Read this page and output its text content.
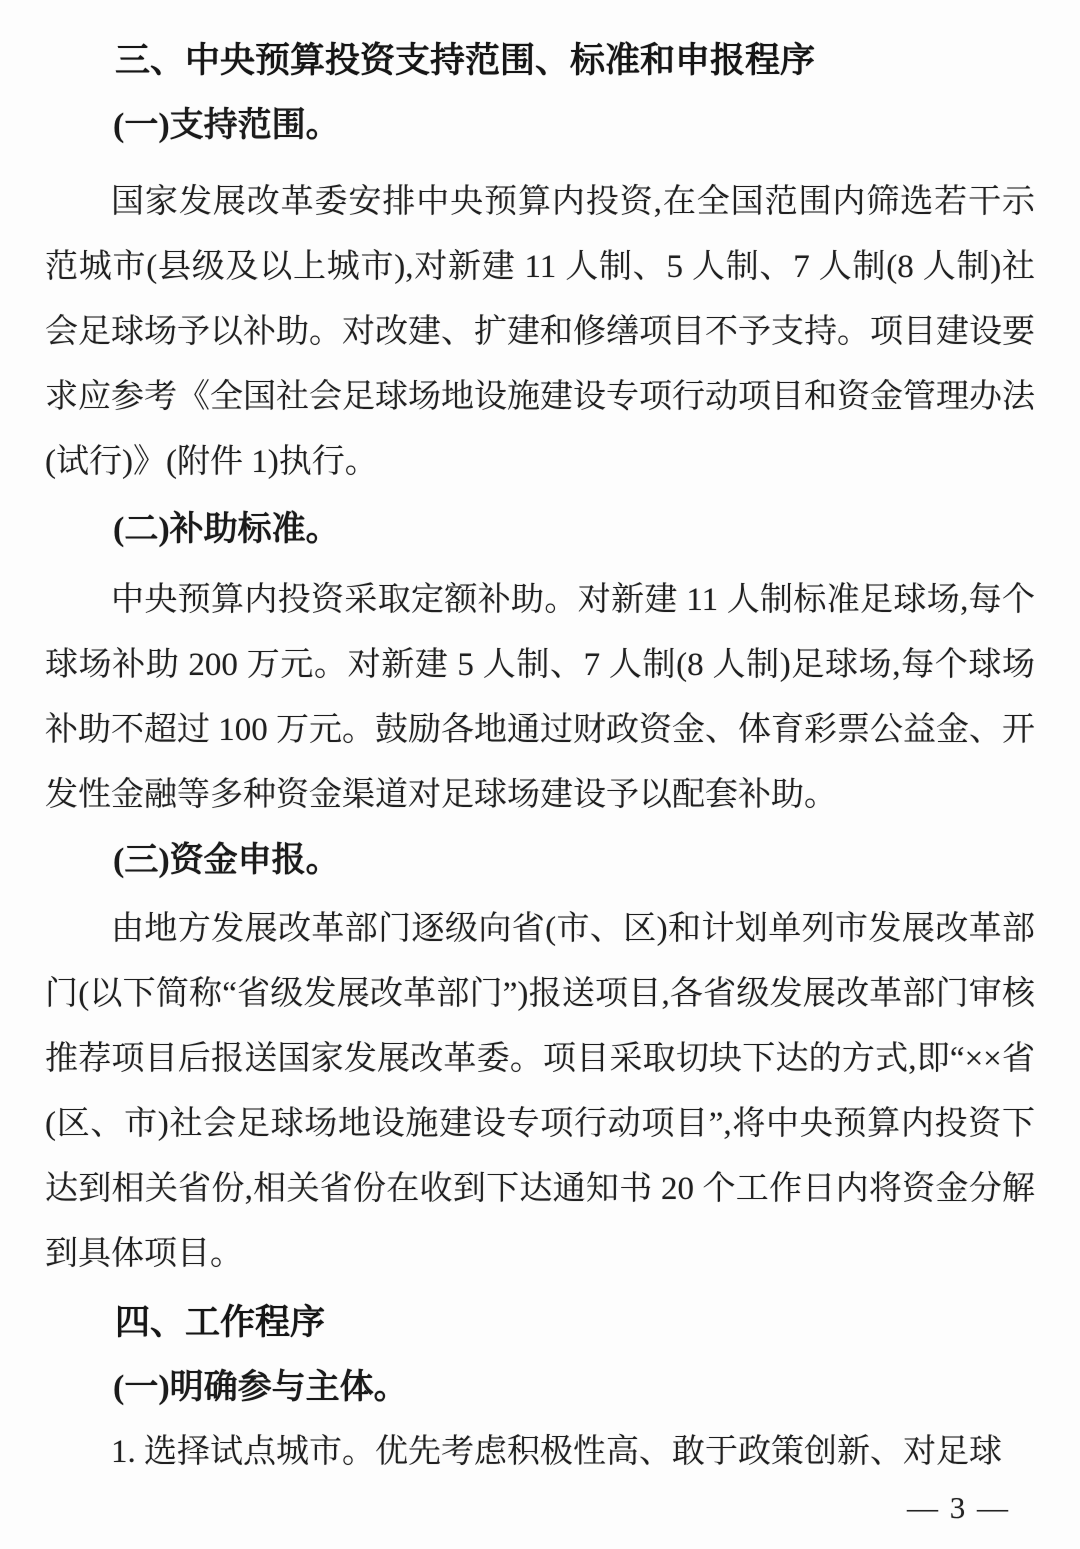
三、中央预算投资支持范围、标准和申报程序

(一)支持范围。

国家发展改革委安排中央预算内投资,在全国范围内筛选若干示范城市(县级及以上城市),对新建 11 人制、5 人制、7 人制(8 人制)社会足球场予以补助。对改建、扩建和修缮项目不予支持。项目建设要求应参考《全国社会足球场地设施建设专项行动项目和资金管理办法(试行)》(附件 1)执行。

(二)补助标准。

中央预算内投资采取定额补助。对新建 11 人制标准足球场,每个球场补助 200 万元。对新建 5 人制、7 人制(8 人制)足球场,每个球场补助不超过 100 万元。鼓励各地通过财政资金、体育彩票公益金、开发性金融等多种资金渠道对足球场建设予以配套补助。

(三)资金申报。

由地方发展改革部门逐级向省(市、区)和计划单列市发展改革部门(以下简称“省级发展改革部门”)报送项目,各省级发展改革部门审核推荐项目后报送国家发展改革委。项目采取切块下达的方式,即“××省(区、市)社会足球场地设施建设专项行动项目”,将中央预算内投资下达到相关省份,相关省份在收到下达通知书 20 个工作日内将资金分解到具体项目。

四、工作程序

(一)明确参与主体。

1. 选择试点城市。优先考虑积极性高、敢于政策创新、对足球

— 3 —
